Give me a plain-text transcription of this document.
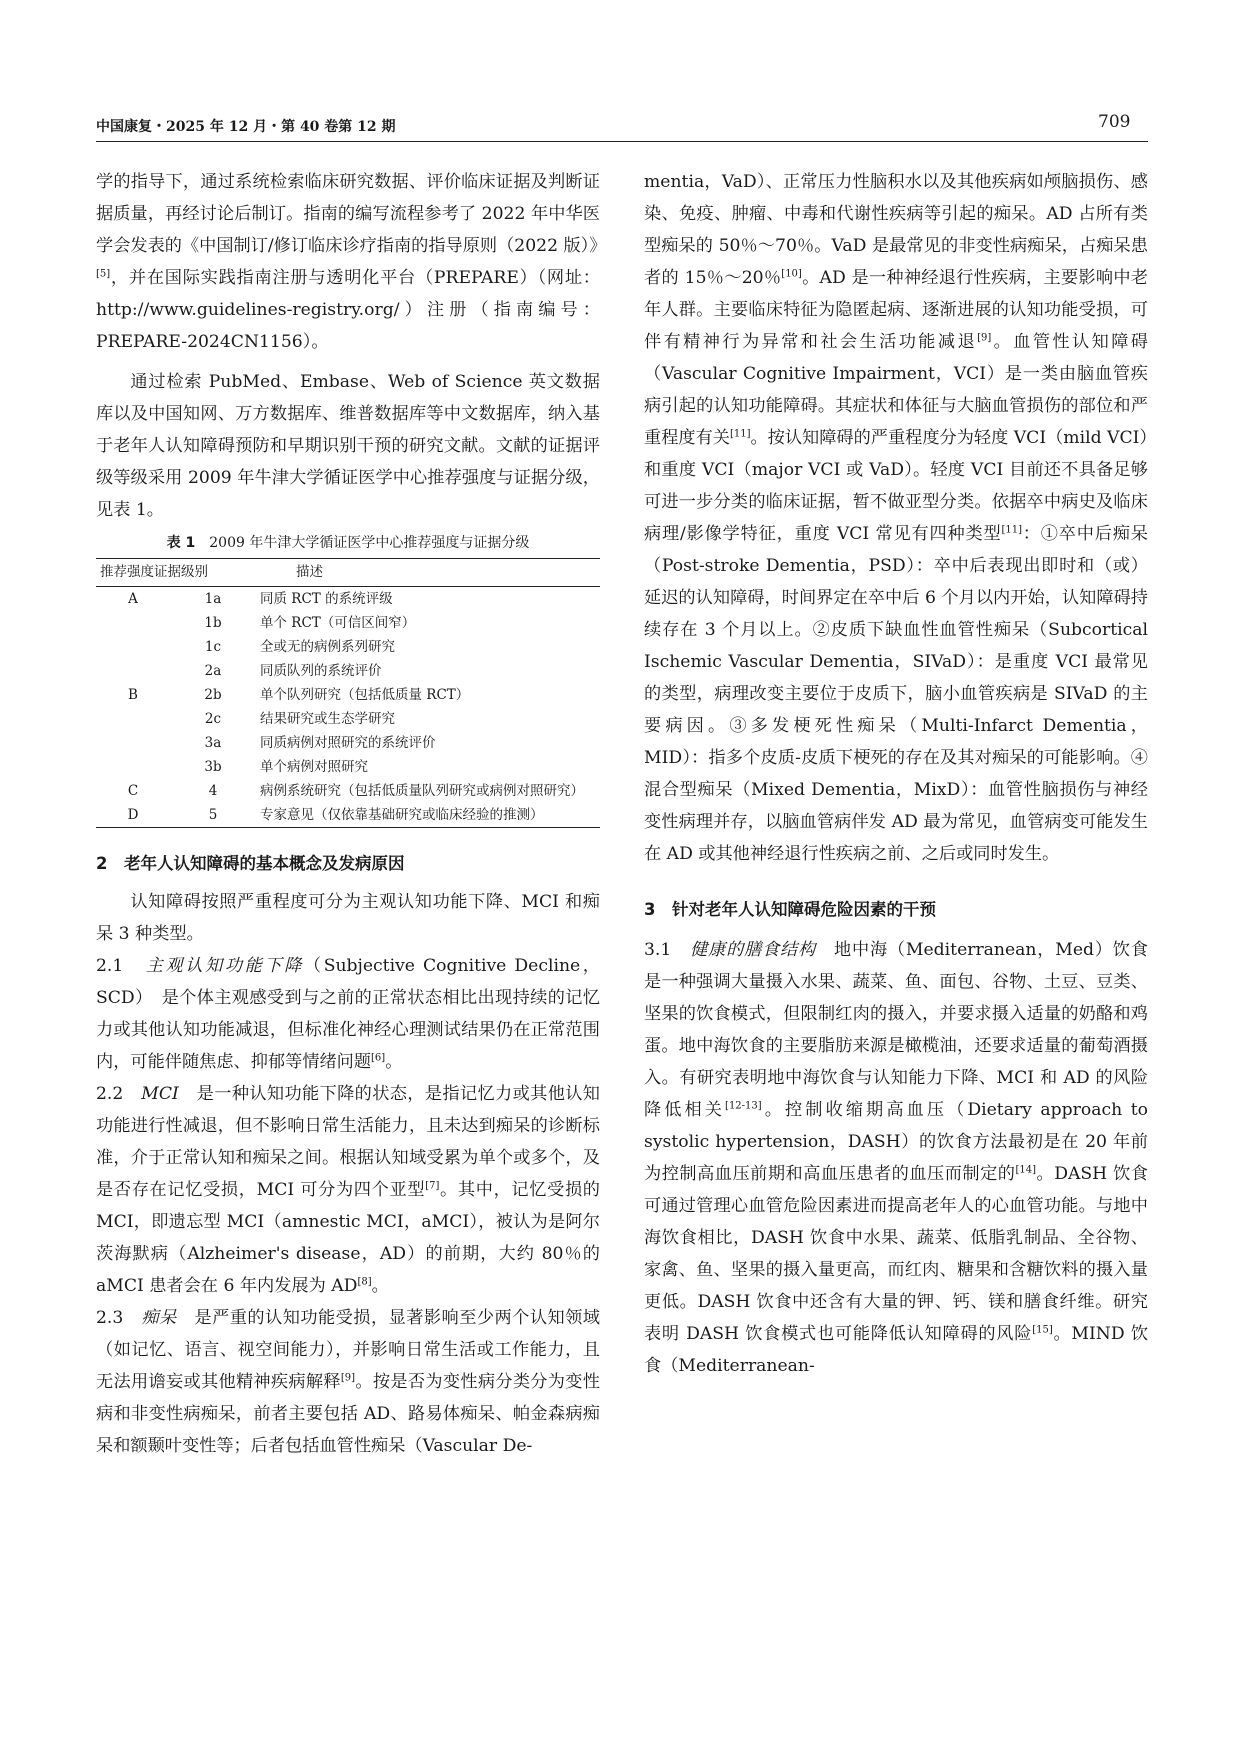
中国康复・2025 年 12 月・第 40 卷第 12 期	709

学的指导下，通过系统检索临床研究数据、评价临床证据及判断证据质量，再经讨论后制订。指南的编写流程参考了 2022 年中华医学会发表的《中国制订/修订临床诊疗指南的指导原则（2022 版）》[5]，并在国际实践指南注册与透明化平台（PREPARE）（网址：http://www.guidelines-registry.org/）注册（指南编号：PREPARE-2024CN1156）。

通过检索 PubMed、Embase、Web of Science 英文数据库以及中国知网、万方数据库、维普数据库等中文数据库，纳入基于老年人认知障碍预防和早期识别干预的研究文献。文献的证据评级等级采用 2009 年牛津大学循证医学中心推荐强度与证据分级，见表 1。

表 1 2009 年牛津大学循证医学中心推荐强度与证据分级
推荐强度证据级别		描述
A	1a	同质 RCT 的系统评级
	1b	单个 RCT（可信区间窄）
	1c	全或无的病例系列研究
	2a	同质队列的系统评价
B	2b	单个队列研究（包括低质量 RCT）
	2c	结果研究或生态学研究
	3a	同质病例对照研究的系统评价
	3b	单个病例对照研究
C	4	病例系统研究（包括低质量队列研究或病例对照研究）
D	5	专家意见（仅依靠基础研究或临床经验的推测）

2　老年人认知障碍的基本概念及发病原因

认知障碍按照严重程度可分为主观认知功能下降、MCI 和痴呆 3 种类型。

2.1　 主观认知功能下降（Subjective Cognitive Decline，SCD）　是个体主观感受到与之前的正常状态相比出现持续的记忆力或其他认知功能减退，但标准化神经心理测试结果仍在正常范围内，可能伴随焦虑、抑郁等情绪问题[6]。

2.2　 MCI　 是一种认知功能下降的状态，是指记忆力或其他认知功能进行性减退，但不影响日常生活能力，且未达到痴呆的诊断标准，介于正常认知和痴呆之间。根据认知域受累为单个或多个，及是否存在记忆受损，MCI 可分为四个亚型[7]。其中，记忆受损的 MCI，即遗忘型 MCI（amnestic MCI，aMCI），被认为是阿尔茨海默病（Alzheimer's disease，AD）的前期，大约 80％的 aMCI 患者会在 6 年内发展为 AD[8]。

2.3　 痴呆　 是严重的认知功能受损，显著影响至少两个认知领域（如记忆、语言、视空间能力），并影响日常生活或工作能力，且无法用谵妄或其他精神疾病解释[9]。按是否为变性病分类分为变性病和非变性病痴呆，前者主要包括 AD、路易体痴呆、帕金森病痴呆和额颞叶变性等；后者包括血管性痴呆（Vascular De-

mentia，VaD）、正常压力性脑积水以及其他疾病如颅脑损伤、感染、免疫、肿瘤、中毒和代谢性疾病等引起的痴呆。AD 占所有类型痴呆的 50％～70％。VaD 是最常见的非变性病痴呆，占痴呆患者的 15％～20％[10]。AD 是一种神经退行性疾病，主要影响中老年人群。主要临床特征为隐匿起病、逐渐进展的认知功能受损，可伴有精神行为异常和社会生活功能减退[9]。血管性认知障碍（Vascular Cognitive Impairment，VCI）是一类由脑血管疾病引起的认知功能障碍。其症状和体征与大脑血管损伤的部位和严重程度有关[11]。按认知障碍的严重程度分为轻度 VCI（mild VCI）和重度 VCI（major VCI 或 VaD）。轻度 VCI 目前还不具备足够可进一步分类的临床证据，暂不做亚型分类。依据卒中病史及临床病理/影像学特征，重度 VCI 常见有四种类型[11]：①卒中后痴呆（Post-stroke Dementia，PSD）：卒中后表现出即时和（或）延迟的认知障碍，时间界定在卒中后 6 个月以内开始，认知障碍持续存在 3 个月以上。②皮质下缺血性血管性痴呆（Subcortical Ischemic Vascular Dementia，SIVaD）：是重度 VCI 最常见的类型，病理改变主要位于皮质下，脑小血管疾病是 SIVaD 的主要病因。③多发梗死性痴呆（Multi-Infarct Dementia，MID）：指多个皮质-皮质下梗死的存在及其对痴呆的可能影响。④混合型痴呆（Mixed Dementia，MixD）：血管性脑损伤与神经变性病理并存，以脑血管病伴发 AD 最为常见，血管病变可能发生在 AD 或其他神经退行性疾病之前、之后或同时发生。

3　针对老年人认知障碍危险因素的干预

3.1　 健康的膳食结构　 地中海（Mediterranean，Med）饮食是一种强调大量摄入水果、蔬菜、鱼、面包、谷物、土豆、豆类、坚果的饮食模式，但限制红肉的摄入，并要求摄入适量的奶酪和鸡蛋。地中海饮食的主要脂肪来源是橄榄油，还要求适量的葡萄酒摄入。有研究表明地中海饮食与认知能力下降、MCI 和 AD 的风险降低相关[12-13]。控制收缩期高血压（Dietary approach to systolic hypertension，DASH）的饮食方法最初是在 20 年前为控制高血压前期和高血压患者的血压而制定的[14]。DASH 饮食可通过管理心血管危险因素进而提高老年人的心血管功能。与地中海饮食相比，DASH 饮食中水果、蔬菜、低脂乳制品、全谷物、家禽、鱼、坚果的摄入量更高，而红肉、糖果和含糖饮料的摄入量更低。DASH 饮食中还含有大量的钾、钙、镁和膳食纤维。研究表明 DASH 饮食模式也可能降低认知障碍的风险[15]。MIND 饮食（Mediterranean-
